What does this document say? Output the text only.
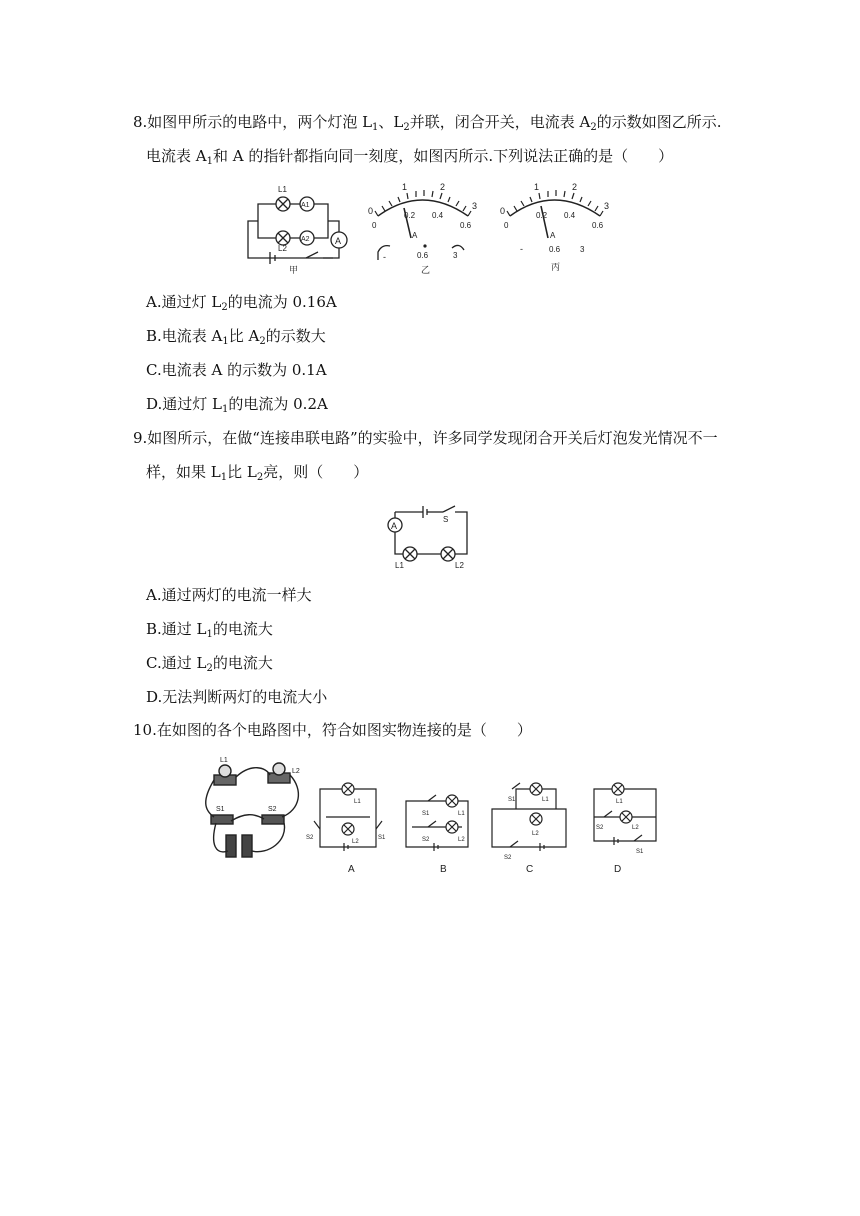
8.如图甲所示的电路中，两个灯泡 $L_1$、$L_2$并联，闭合开关，电流表 $A_2$的示数如图乙所示.
电流表 $A_1$和 A 的指针都指向同一刻度，如图丙所示.下列说法正确的是（　　）
L1
L2
A1
A2	A
甲
0
1	2
3
0
0.2 0.4
0.6
A
-	0.6	3
乙
0
1	2
3
0
0.2 0.4
0.6
A
-	0.6 3
丙
A.通过灯 $L_2$的电流为 0.16A
B.电流表 $A_1$比 $A_2$的示数大
C.电流表 A 的示数为 0.1A
D.通过灯 $L_1$的电流为 0.2A
9.如图所示，在做“连接串联电路”的实验中，许多同学发现闭合开关后灯泡发光情况不一
样，如果 $L_1$比 $L_2$亮，则（　　）
A
S
L1	L2
A.通过两灯的电流一样大
B.通过 $L_1$的电流大
C.通过 $L_2$的电流大
D.无法判断两灯的电流大小
10.在如图的各个电路图中，符合如图实物连接的是（　　）
L1
L2
S1	S2
S2	S1
L1
L2
A
S1
S2
L1
L2
B
S1
S2
L1
L2
C
L1
S2	L2
S1
D
